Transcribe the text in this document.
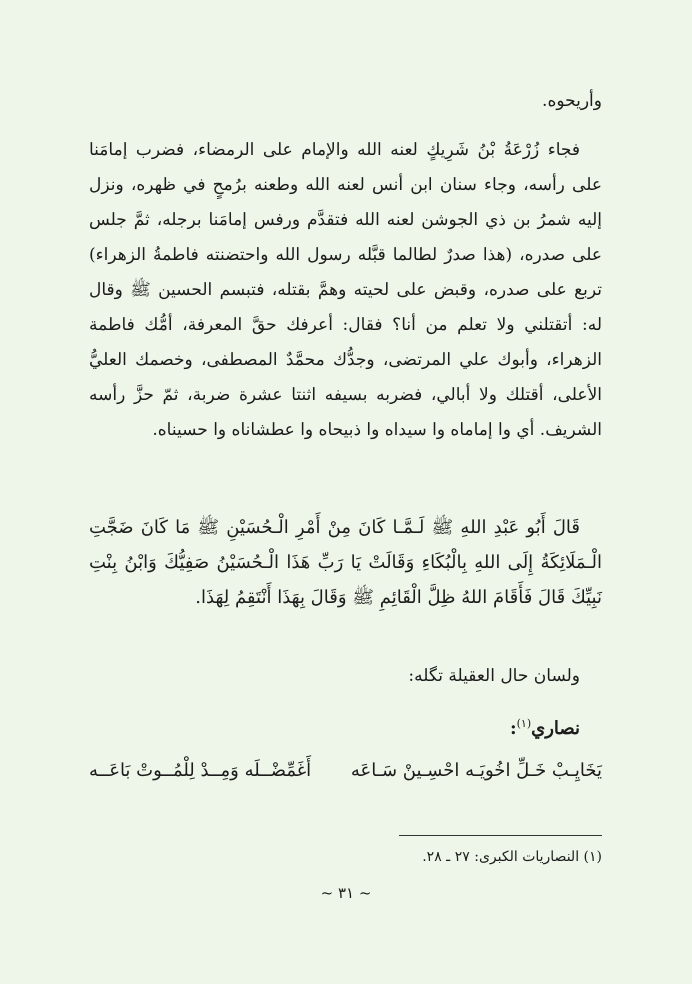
وأريحوه.

فجاء زُرْعَةُ بْنُ شَرِيكٍ لعنه الله والإمام على الرمضاء، فضرب إمامَنا على رأسه، وجاء سنان ابن أنس لعنه الله وطعنه برُمحٍ في ظهره، ونزل إليه شمرُ بن ذي الجوشن لعنه الله فتقدَّم ورفس إمامَنا برجله، ثمَّ جلس على صدره، (هذا صدرٌ لطالما قبَّله رسول الله واحتضنته فاطمةُ الزهراء) تربع على صدره، وقبض على لحيته وهمَّ بقتله، فتبسم الحسين ﷺ وقال له: أتقتلني ولا تعلم من أنا؟ فقال: أعرفك حقَّ المعرفة، أمُّك فاطمة الزهراء، وأبوك علي المرتضى، وجدُّك محمَّدٌ المصطفى، وخصمك العليُّ الأعلى، أقتلك ولا أبالي، فضربه بسيفه اثنتا عشرة ضربة، ثمّ حزَّ رأسه الشريف. أي وا إماماه وا سيداه وا ذبيحاه وا عطشاناه وا حسيناه.

قَالَ أَبُو عَبْدِ اللهِ ﷺ لَـمَّـا كَانَ مِنْ أَمْرِ الْـحُسَيْنِ ﷺ مَا كَانَ ضَجَّتِ الْـمَلَائِكَةُ إِلَى اللهِ بِالْبُكَاءِ وَقَالَتْ يَا رَبِّ هَذَا الْـحُسَيْنُ صَفِيُّكَ وَابْنُ بِنْتِ نَبِيِّكَ قَالَ فَأَقَامَ اللهُ ظِلَّ الْقَائِمِ ﷺ وَقَالَ بِهَذَا أَنْتَقِمُ لِهَذَا.

ولسان حال العقيلة تگله:

نصاري$^{(١)}$:

يَخَايِـبْ خَـلِّ اخُويَـه احْسِـينْ سَـاعَه
أَغَمِّضْــلَه وَمِــدْ لِلْمُــوتْ بَاعَــه
(١) النصاريات الكبرى: ٢٧ ـ ٢٨.
~ ٣١ ~
